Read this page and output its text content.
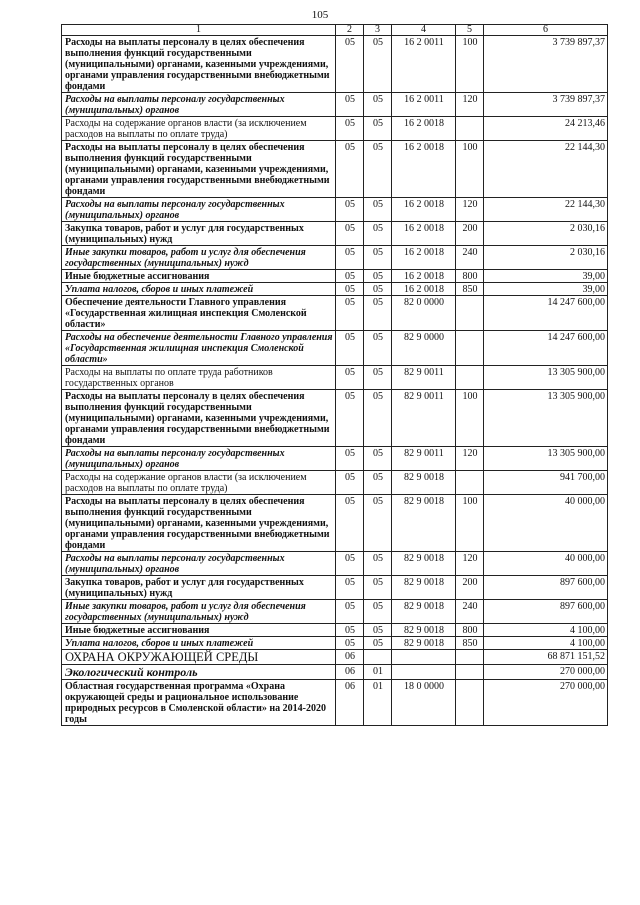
105
1	2	3	4	5	6
Расходы на выплаты персоналу в целях обеспечения выполнения функций государственными (муниципальными) органами, казенными учреждениями, органами управления государственными внебюджетными фондами	05	05	16 2 0011	100	3 739 897,37
Расходы на выплаты персоналу государственных (муниципальных) органов	05	05	16 2 0011	120	3 739 897,37
Расходы на содержание органов власти (за исключением расходов на выплаты по оплате труда)	05	05	16 2 0018		24 213,46
Расходы на выплаты персоналу в целях обеспечения выполнения функций государственными (муниципальными) органами, казенными учреждениями, органами управления государственными внебюджетными фондами	05	05	16 2 0018	100	22 144,30
Расходы на выплаты персоналу государственных (муниципальных) органов	05	05	16 2 0018	120	22 144,30
Закупка товаров, работ и услуг для государственных (муниципальных) нужд	05	05	16 2 0018	200	2 030,16
Иные закупки товаров, работ и услуг для обеспечения государственных (муниципальных) нужд	05	05	16 2 0018	240	2 030,16
Иные бюджетные ассигнования	05	05	16 2 0018	800	39,00
Уплата налогов, сборов и иных платежей	05	05	16 2 0018	850	39,00
Обеспечение деятельности Главного управления «Государственная жилищная инспекция Смоленской области»	05	05	82 0 0000		14 247 600,00
Расходы на обеспечение деятельности Главного управления «Государственная жилищная инспекция Смоленской области»	05	05	82 9 0000		14 247 600,00
Расходы на выплаты по оплате труда работников государственных органов	05	05	82 9 0011		13 305 900,00
Расходы на выплаты персоналу в целях обеспечения выполнения функций государственными (муниципальными) органами, казенными учреждениями, органами управления государственными внебюджетными фондами	05	05	82 9 0011	100	13 305 900,00
Расходы на выплаты персоналу государственных (муниципальных) органов	05	05	82 9 0011	120	13 305 900,00
Расходы на содержание органов власти (за исключением расходов на выплаты по оплате труда)	05	05	82 9 0018		941 700,00
Расходы на выплаты персоналу в целях обеспечения выполнения функций государственными (муниципальными) органами, казенными учреждениями, органами управления государственными внебюджетными фондами	05	05	82 9 0018	100	40 000,00
Расходы на выплаты персоналу государственных (муниципальных) органов	05	05	82 9 0018	120	40 000,00
Закупка товаров, работ и услуг для государственных (муниципальных) нужд	05	05	82 9 0018	200	897 600,00
Иные закупки товаров, работ и услуг для обеспечения государственных (муниципальных) нужд	05	05	82 9 0018	240	897 600,00
Иные бюджетные ассигнования	05	05	82 9 0018	800	4 100,00
Уплата налогов, сборов и иных платежей	05	05	82 9 0018	850	4 100,00
ОХРАНА ОКРУЖАЮЩЕЙ СРЕДЫ	06				68 871 151,52
Экологический контроль	06	01			270 000,00
Областная государственная программа «Охрана окружающей среды и рациональное использование природных ресурсов в Смоленской области» на 2014-2020 годы	06	01	18 0 0000		270 000,00
